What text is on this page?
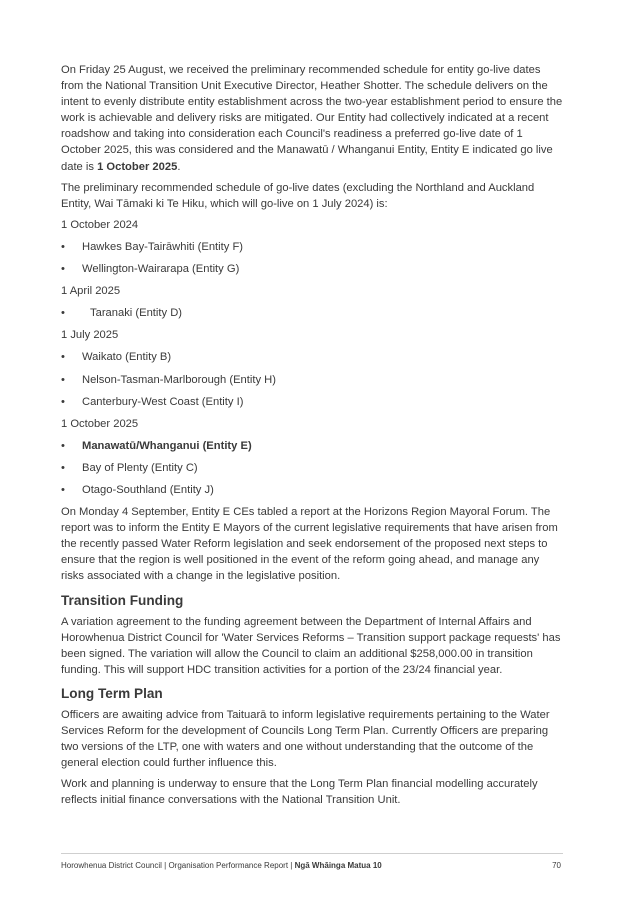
On Friday 25 August, we received the preliminary recommended schedule for entity go-live dates from the National Transition Unit Executive Director, Heather Shotter. The schedule delivers on the intent to evenly distribute entity establishment across the two-year establishment period to ensure the work is achievable and delivery risks are mitigated. Our Entity had collectively indicated at a recent roadshow and taking into consideration each Council's readiness a preferred go-live date of 1 October 2025, this was considered and the Manawatū / Whanganui Entity, Entity E indicated go live date is 1 October 2025.

The preliminary recommended schedule of go-live dates (excluding the Northland and Auckland Entity, Wai Tāmaki ki Te Hiku, which will go-live on 1 July 2024) is:

1 October 2024

• Hawkes Bay-Tairāwhiti (Entity F)
• Wellington-Wairarapa (Entity G)

1 April 2025

• Taranaki (Entity D)

1 July 2025

• Waikato (Entity B)
• Nelson-Tasman-Marlborough (Entity H)
• Canterbury-West Coast (Entity I)

1 October 2025

• Manawatū/Whanganui (Entity E)
• Bay of Plenty (Entity C)
• Otago-Southland (Entity J)

On Monday 4 September, Entity E CEs tabled a report at the Horizons Region Mayoral Forum. The report was to inform the Entity E Mayors of the current legislative requirements that have arisen from the recently passed Water Reform legislation and seek endorsement of the proposed next steps to ensure that the region is well positioned in the event of the reform going ahead, and manage any risks associated with a change in the legislative position.

Transition Funding

A variation agreement to the funding agreement between the Department of Internal Affairs and Horowhenua District Council for 'Water Services Reforms – Transition support package requests' has been signed. The variation will allow the Council to claim an additional $258,000.00 in transition funding. This will support HDC transition activities for a portion of the 23/24 financial year.

Long Term Plan

Officers are awaiting advice from Taituarā to inform legislative requirements pertaining to the Water Services Reform for the development of Councils Long Term Plan. Currently Officers are preparing two versions of the LTP, one with waters and one without understanding that the outcome of the general election could further influence this.

Work and planning is underway to ensure that the Long Term Plan financial modelling accurately reflects initial finance conversations with the National Transition Unit.

Horowhenua District Council | Organisation Performance Report | Ngā Whāinga Matua 10	70
